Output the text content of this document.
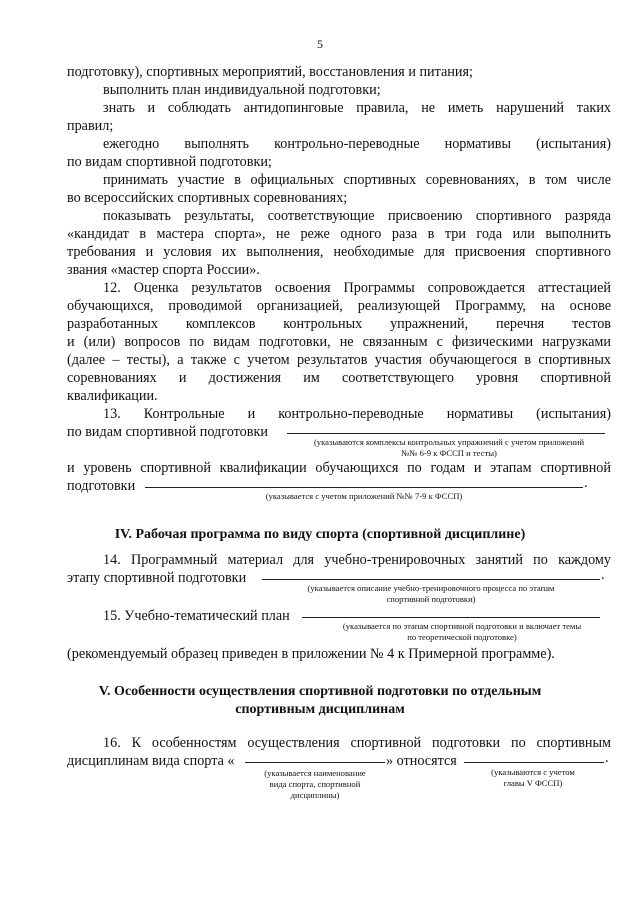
5
подготовку), спортивных мероприятий, восстановления и питания;
выполнить план индивидуальной подготовки;
знать и соблюдать антидопинговые правила, не иметь нарушений таких
правил;
ежегодно выполнять контрольно-переводные нормативы (испытания)
по видам спортивной подготовки;
принимать участие в официальных спортивных соревнованиях, в том числе
во всероссийских спортивных соревнованиях;
показывать результаты, соответствующие присвоению спортивного разряда
«кандидат в мастера спорта», не реже одного раза в три года или выполнить
требования и условия их выполнения, необходимые для присвоения спортивного
звания «мастер спорта России».
12. Оценка результатов освоения Программы сопровождается аттестацией
обучающихся, проводимой организацией, реализующей Программу, на основе
разработанных комплексов контрольных упражнений, перечня тестов
и (или) вопросов по видам подготовки, не связанным с физическими нагрузками
(далее – тесты), а также с учетом результатов участия обучающегося в спортивных
соревнованиях и достижения им соответствующего уровня спортивной
квалификации.
13. Контрольные и контрольно-переводные нормативы (испытания)
по видам спортивной подготовки
(указываются комплексы контрольных упражнений с учетом приложений
№№ 6-9 к ФССП и тесты)
и уровень спортивной квалификации обучающихся по годам и этапам спортивной
подготовки	.
(указывается с учетом приложений №№ 7-9 к ФССП)
IV. Рабочая программа по виду спорта (спортивной дисциплине)
14. Программный материал для учебно-тренировочных занятий по каждому
этапу спортивной подготовки	.
(указывается описание учебно-тренировочного процесса по этапам
спортивной подготовки)
15. Учебно-тематический план
(указывается по этапам спортивной подготовки и включает темы
по теоретической подготовке)
(рекомендуемый образец приведен в приложении № 4 к Примерной программе).
V. Особенности осуществления спортивной подготовки по отдельным
спортивным дисциплинам
16. К особенностям осуществления спортивной подготовки по спортивным
дисциплинам вида спорта «	» относятся	.
(указывается наименование
вида спорта, спортивной
дисциплины)
(указываются с учетом
главы V ФССП)
